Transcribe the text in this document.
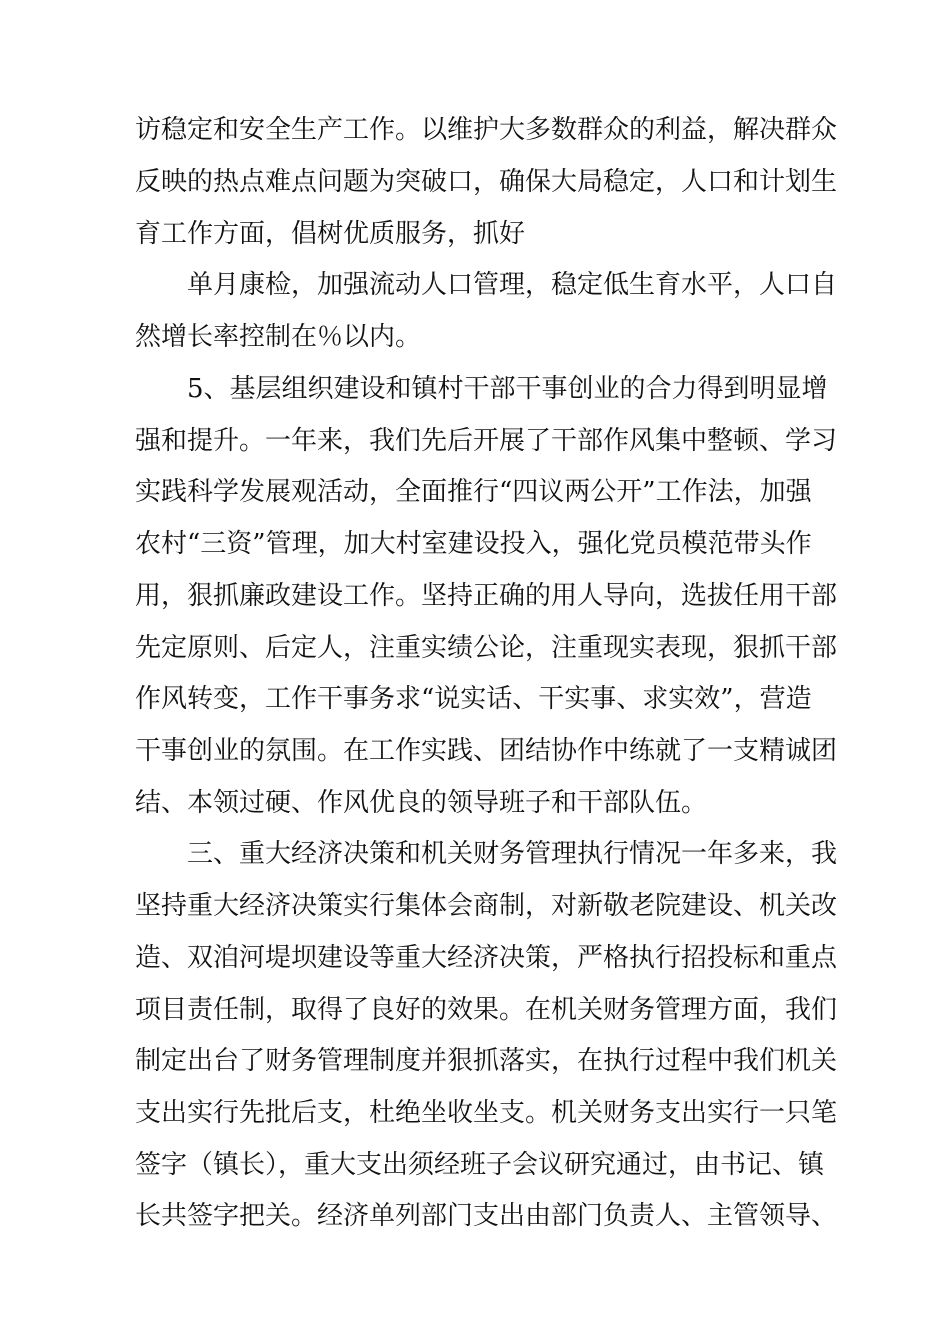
访稳定和安全生产工作。以维护大多数群众的利益，解决群众
反映的热点难点问题为突破口，确保大局稳定，人口和计划生
育工作方面，倡树优质服务，抓好
单月康检，加强流动人口管理，稳定低生育水平，人口自
然增长率控制在％以内。
5、基层组织建设和镇村干部干事创业的合力得到明显增
强和提升。一年来，我们先后开展了干部作风集中整顿、学习
实践科学发展观活动，全面推行“四议两公开”工作法，加强
农村“三资”管理，加大村室建设投入，强化党员模范带头作
用，狠抓廉政建设工作。坚持正确的用人导向，选拔任用干部
先定原则、后定人，注重实绩公论，注重现实表现，狠抓干部
作风转变，工作干事务求“说实话、干实事、求实效”，营造
干事创业的氛围。在工作实践、团结协作中练就了一支精诚团
结、本领过硬、作风优良的领导班子和干部队伍。
三、重大经济决策和机关财务管理执行情况一年多来，我
坚持重大经济决策实行集体会商制，对新敬老院建设、机关改
造、双洎河堤坝建设等重大经济决策，严格执行招投标和重点
项目责任制，取得了良好的效果。在机关财务管理方面，我们
制定出台了财务管理制度并狠抓落实，在执行过程中我们机关
支出实行先批后支，杜绝坐收坐支。机关财务支出实行一只笔
签字（镇长），重大支出须经班子会议研究通过，由书记、镇
长共签字把关。经济单列部门支出由部门负责人、主管领导、
